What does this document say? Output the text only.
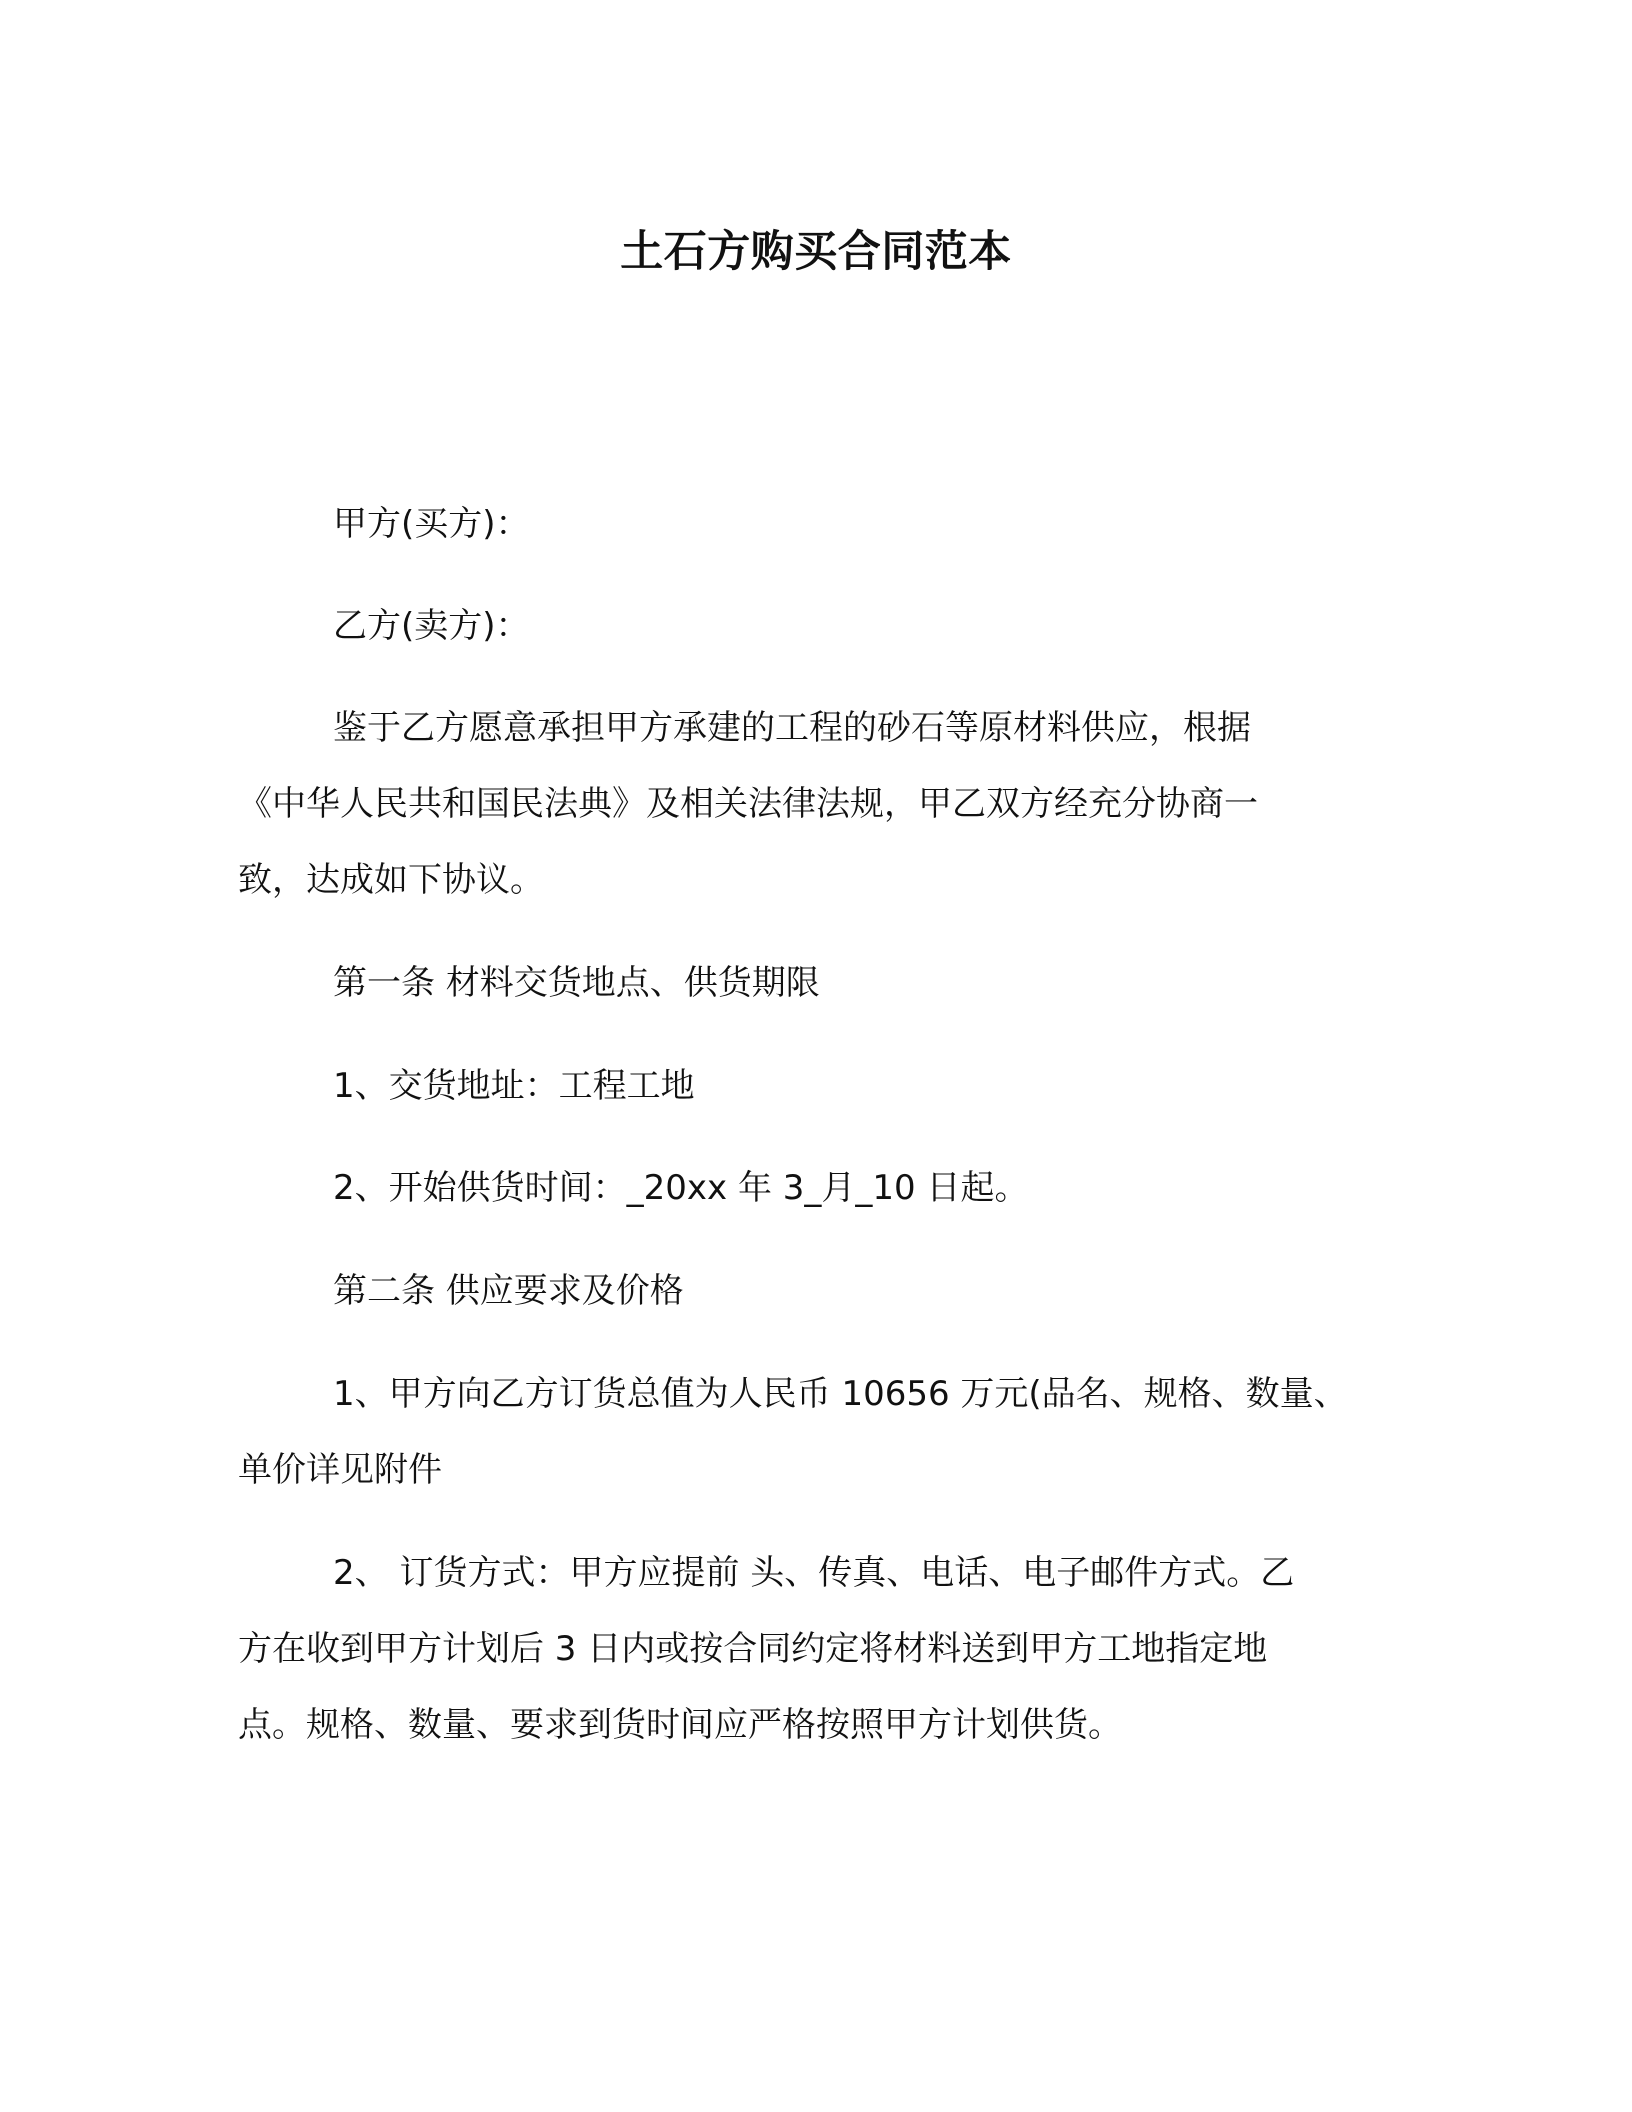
土石方购买合同范本

甲方(买方)：

乙方(卖方)：

鉴于乙方愿意承担甲方承建的工程的砂石等原材料供应，根据
《中华人民共和国民法典》及相关法律法规，甲乙双方经充分协商一
致，达成如下协议。

第一条 材料交货地点、供货期限

1、交货地址：工程工地

2、开始供货时间：_20xx 年 3_月_10 日起。

第二条 供应要求及价格

1、甲方向乙方订货总值为人民币 10656 万元(品名、规格、数量、
单价详见附件

2、 订货方式：甲方应提前 头、传真、电话、电子邮件方式。乙
方在收到甲方计划后 3 日内或按合同约定将材料送到甲方工地指定地
点。规格、数量、要求到货时间应严格按照甲方计划供货。
